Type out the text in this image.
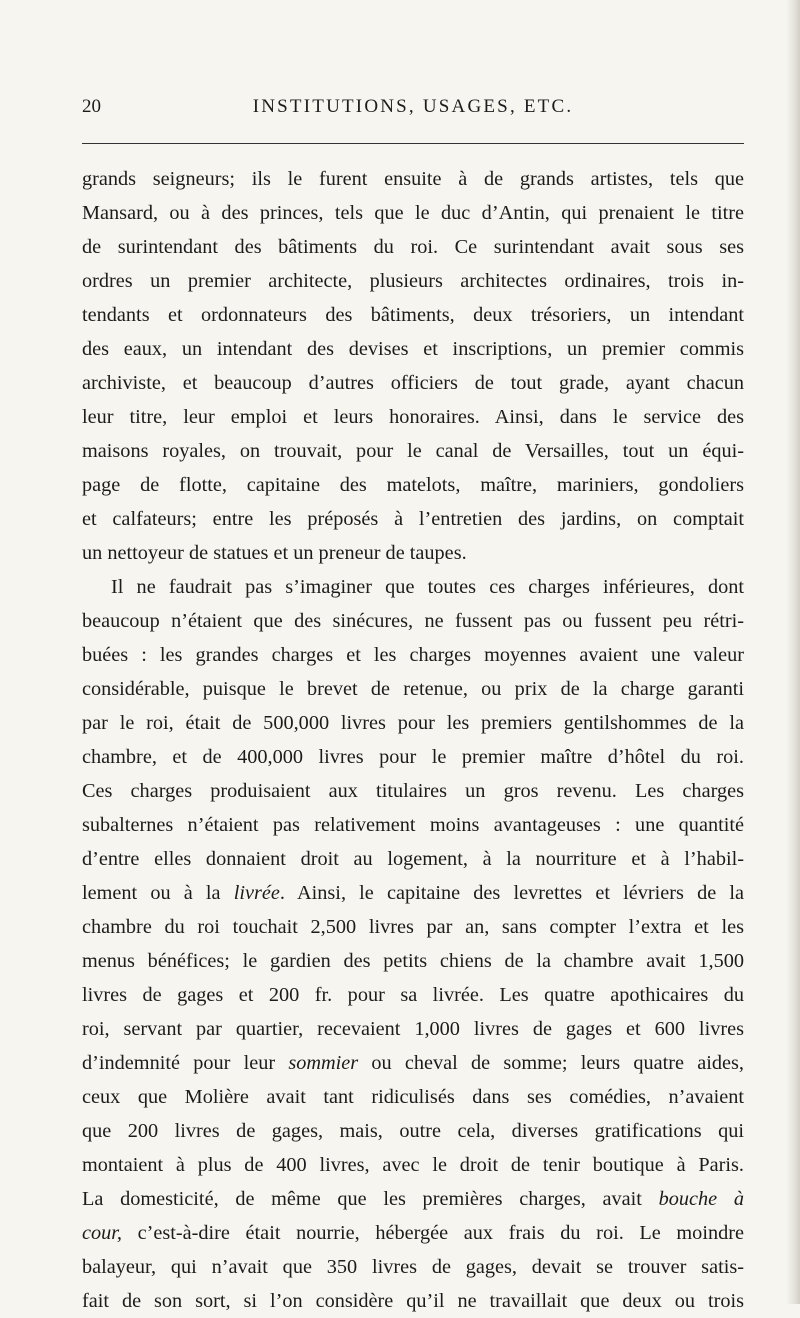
20	INSTITUTIONS, USAGES, ETC.
grands seigneurs; ils le furent ensuite à de grands artistes, tels que
Mansard, ou à des princes, tels que le duc d’Antin, qui prenaient le titre
de surintendant des bâtiments du roi. Ce surintendant avait sous ses
ordres un premier architecte, plusieurs architectes ordinaires, trois in-
tendants et ordonnateurs des bâtiments, deux trésoriers, un intendant
des eaux, un intendant des devises et inscriptions, un premier commis
archiviste, et beaucoup d’autres officiers de tout grade, ayant chacun
leur titre, leur emploi et leurs honoraires. Ainsi, dans le service des
maisons royales, on trouvait, pour le canal de Versailles, tout un équi-
page de flotte, capitaine des matelots, maître, mariniers, gondoliers
et calfateurs; entre les préposés à l’entretien des jardins, on comptait
un nettoyeur de statues et un preneur de taupes.
Il ne faudrait pas s’imaginer que toutes ces charges inférieures, dont
beaucoup n’étaient que des sinécures, ne fussent pas ou fussent peu rétri-
buées : les grandes charges et les charges moyennes avaient une valeur
considérable, puisque le brevet de retenue, ou prix de la charge garanti
par le roi, était de 500,000 livres pour les premiers gentilshommes de la
chambre, et de 400,000 livres pour le premier maître d’hôtel du roi.
Ces charges produisaient aux titulaires un gros revenu. Les charges
subalternes n’étaient pas relativement moins avantageuses : une quantité
d’entre elles donnaient droit au logement, à la nourriture et à l’habil-
lement ou à la livrée. Ainsi, le capitaine des levrettes et lévriers de la
chambre du roi touchait 2,500 livres par an, sans compter l’extra et les
menus bénéfices; le gardien des petits chiens de la chambre avait 1,500
livres de gages et 200 fr. pour sa livrée. Les quatre apothicaires du
roi, servant par quartier, recevaient 1,000 livres de gages et 600 livres
d’indemnité pour leur sommier ou cheval de somme; leurs quatre aides,
ceux que Molière avait tant ridiculisés dans ses comédies, n’avaient
que 200 livres de gages, mais, outre cela, diverses gratifications qui
montaient à plus de 400 livres, avec le droit de tenir boutique à Paris.
La domesticité, de même que les premières charges, avait bouche à
cour, c’est-à-dire était nourrie, hébergée aux frais du roi. Le moindre
balayeur, qui n’avait que 350 livres de gages, devait se trouver satis-
fait de son sort, si l’on considère qu’il ne travaillait que deux ou trois
